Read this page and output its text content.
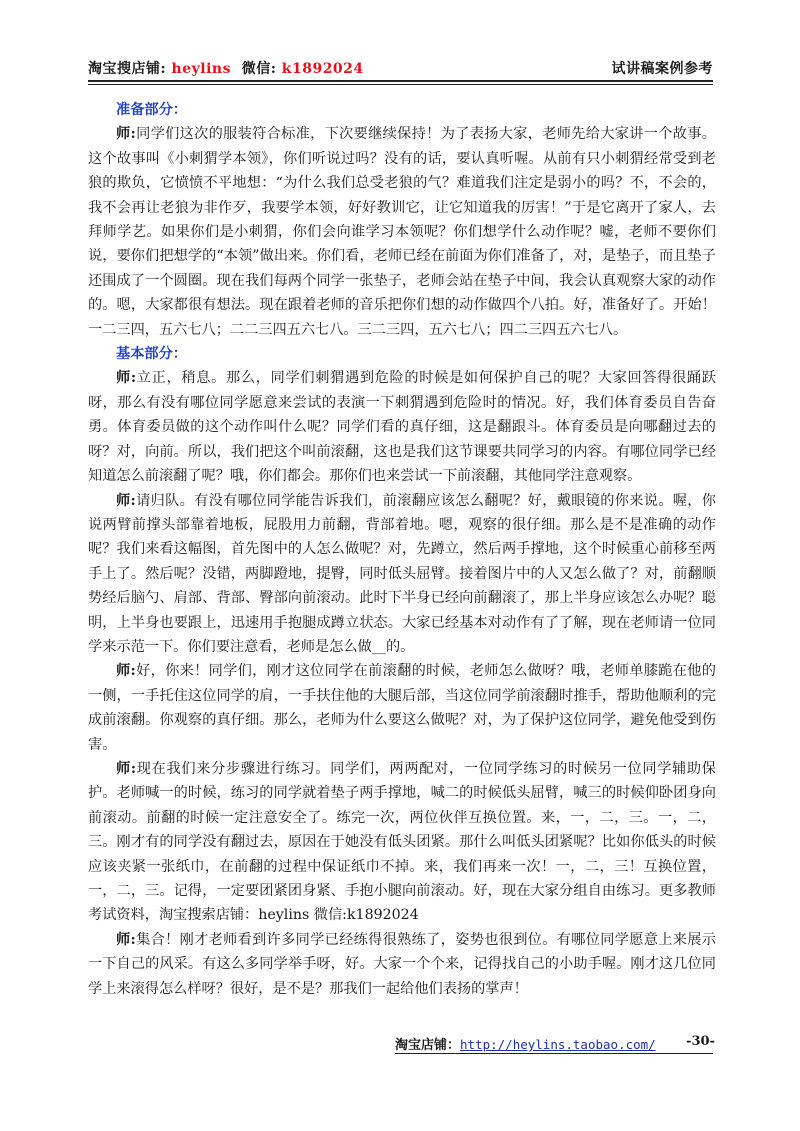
淘宝搜店铺: heylins  微信: k1892024	试讲稿案例参考
准备部分：

师:同学们这次的服装符合标准，下次要继续保持！为了表扬大家，老师先给大家讲一个故事。这个故事叫《小刺猬学本领》，你们听说过吗？没有的话，要认真听喔。从前有只小刺猬经常受到老狼的欺负，它愤愤不平地想：“为什么我们总受老狼的气？难道我们注定是弱小的吗？不，不会的，我不会再让老狼为非作歹，我要学本领，好好教训它，让它知道我的厉害！”于是它离开了家人，去拜师学艺。如果你们是小刺猬，你们会向谁学习本领呢？你们想学什么动作呢？嘘，老师不要你们说，要你们把想学的“本领”做出来。你们看，老师已经在前面为你们准备了，对，是垫子，而且垫子还围成了一个圆圈。现在我们每两个同学一张垫子，老师会站在垫子中间，我会认真观察大家的动作的。嗯，大家都很有想法。现在跟着老师的音乐把你们想的动作做四个八拍。好，准备好了。开始！一二三四，五六七八；二二三四五六七八。三二三四，五六七八；四二三四五六七八。

基本部分：

师:立正，稍息。那么，同学们刺猬遇到危险的时候是如何保护自己的呢？大家回答得很踊跃呀，那么有没有哪位同学愿意来尝试的表演一下刺猬遇到危险时的情况。好，我们体育委员自告奋勇。体育委员做的这个动作叫什么呢？同学们看的真仔细，这是翻跟斗。体育委员是向哪翻过去的呀？对，向前。所以，我们把这个叫前滚翻，这也是我们这节课要共同学习的内容。有哪位同学已经知道怎么前滚翻了呢？哦，你们都会。那你们也来尝试一下前滚翻，其他同学注意观察。

师:请归队。有没有哪位同学能告诉我们，前滚翻应该怎么翻呢？好，戴眼镜的你来说。喔，你说两臂前撑头部靠着地板，屁股用力前翻，背部着地。嗯，观察的很仔细。那么是不是准确的动作呢？我们来看这幅图，首先图中的人怎么做呢？对，先蹲立，然后两手撑地，这个时候重心前移至两手上了。然后呢？没错，两脚蹬地，提臀，同时低头屈臂。接着图片中的人又怎么做了？对，前翻顺势经后脑勺、肩部、背部、臀部向前滚动。此时下半身已经向前翻滚了，那上半身应该怎么办呢？聪明，上半身也要跟上，迅速用手抱腿成蹲立状态。大家已经基本对动作有了了解，现在老师请一位同学来示范一下。你们要注意看，老师是怎么做__的。

师:好，你来！同学们，刚才这位同学在前滚翻的时候，老师怎么做呀？哦，老师单膝跪在他的一侧，一手托住这位同学的肩，一手扶住他的大腿后部，当这位同学前滚翻时推手，帮助他顺利的完成前滚翻。你观察的真仔细。那么，老师为什么要这么做呢？对，为了保护这位同学，避免他受到伤害。

师:现在我们来分步骤进行练习。同学们，两两配对，一位同学练习的时候另一位同学辅助保护。老师喊一的时候，练习的同学就着垫子两手撑地，喊二的时候低头屈臂，喊三的时候仰卧团身向前滚动。前翻的时候一定注意安全了。练完一次，两位伙伴互换位置。来，一，二，三。一，二，三。刚才有的同学没有翻过去，原因在于她没有低头团紧。那什么叫低头团紧呢？比如你低头的时候应该夹紧一张纸巾，在前翻的过程中保证纸巾不掉。来，我们再来一次！一，二，三！互换位置，一，二，三。记得，一定要团紧团身紧、手抱小腿向前滚动。好，现在大家分组自由练习。更多教师考试资料，淘宝搜索店铺：heylins 微信:k1892024

师:集合！刚才老师看到许多同学已经练得很熟练了，姿势也很到位。有哪位同学愿意上来展示一下自己的风采。有这么多同学举手呀，好。大家一个个来，记得找自己的小助手喔。刚才这几位同学上来滚得怎么样呀？很好，是不是？那我们一起给他们表扬的掌声！

淘宝店铺：http://heylins.taobao.com/ -30-
